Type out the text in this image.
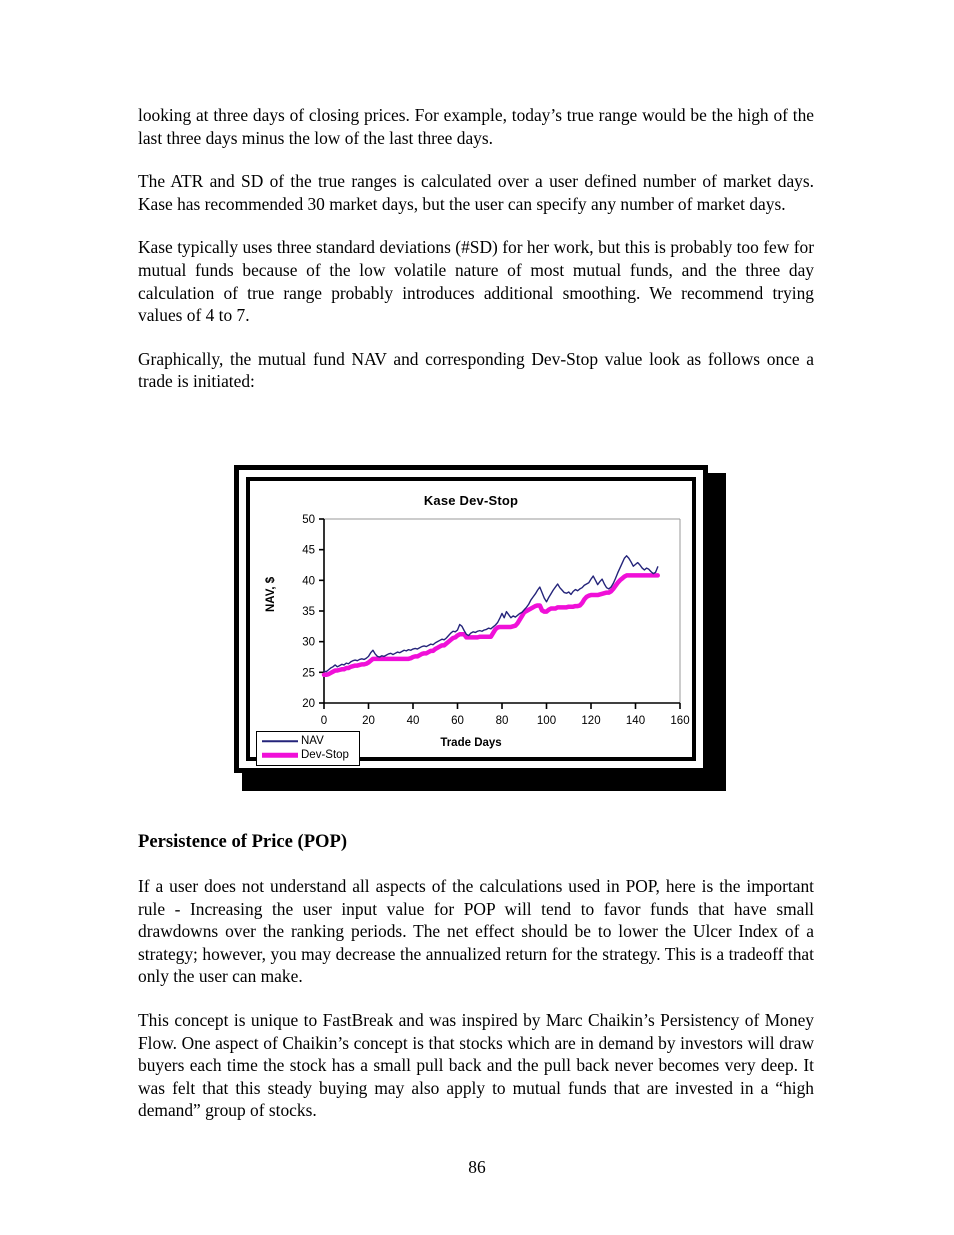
looking at three days of closing prices. For example, today’s true range would be the high of the last three days minus the low of the last three days.

The ATR and SD of the true ranges is calculated over a user defined number of market days. Kase has recommended 30 market days, but the user can specify any number of market days.

Kase typically uses three standard deviations (#SD) for her work, but this is probably too few for mutual funds because of the low volatile nature of most mutual funds, and the three day calculation of true range probably introduces additional smoothing. We recommend trying values of 4 to 7.

Graphically, the mutual fund NAV and corresponding Dev-Stop value look as follows once a trade is initiated:

Kase Dev-Stop
NAV, $
Trade Days
20
25
30
35
40
45
50
0	20	40	60	80 100 120 140 160
NAV
Dev-Stop
Persistence of Price (POP)

If a user does not understand all aspects of the calculations used in POP, here is the important rule - Increasing the user input value for POP will tend to favor funds that have small drawdowns over the ranking periods. The net effect should be to lower the Ulcer Index of a strategy; however, you may decrease the annualized return for the strategy. This is a tradeoff that only the user can make.

This concept is unique to FastBreak and was inspired by Marc Chaikin’s Persistency of Money Flow. One aspect of Chaikin’s concept is that stocks which are in demand by investors will draw buyers each time the stock has a small pull back and the pull back never becomes very deep. It was felt that this steady buying may also apply to mutual funds that are invested in a “high demand” group of stocks.

86
